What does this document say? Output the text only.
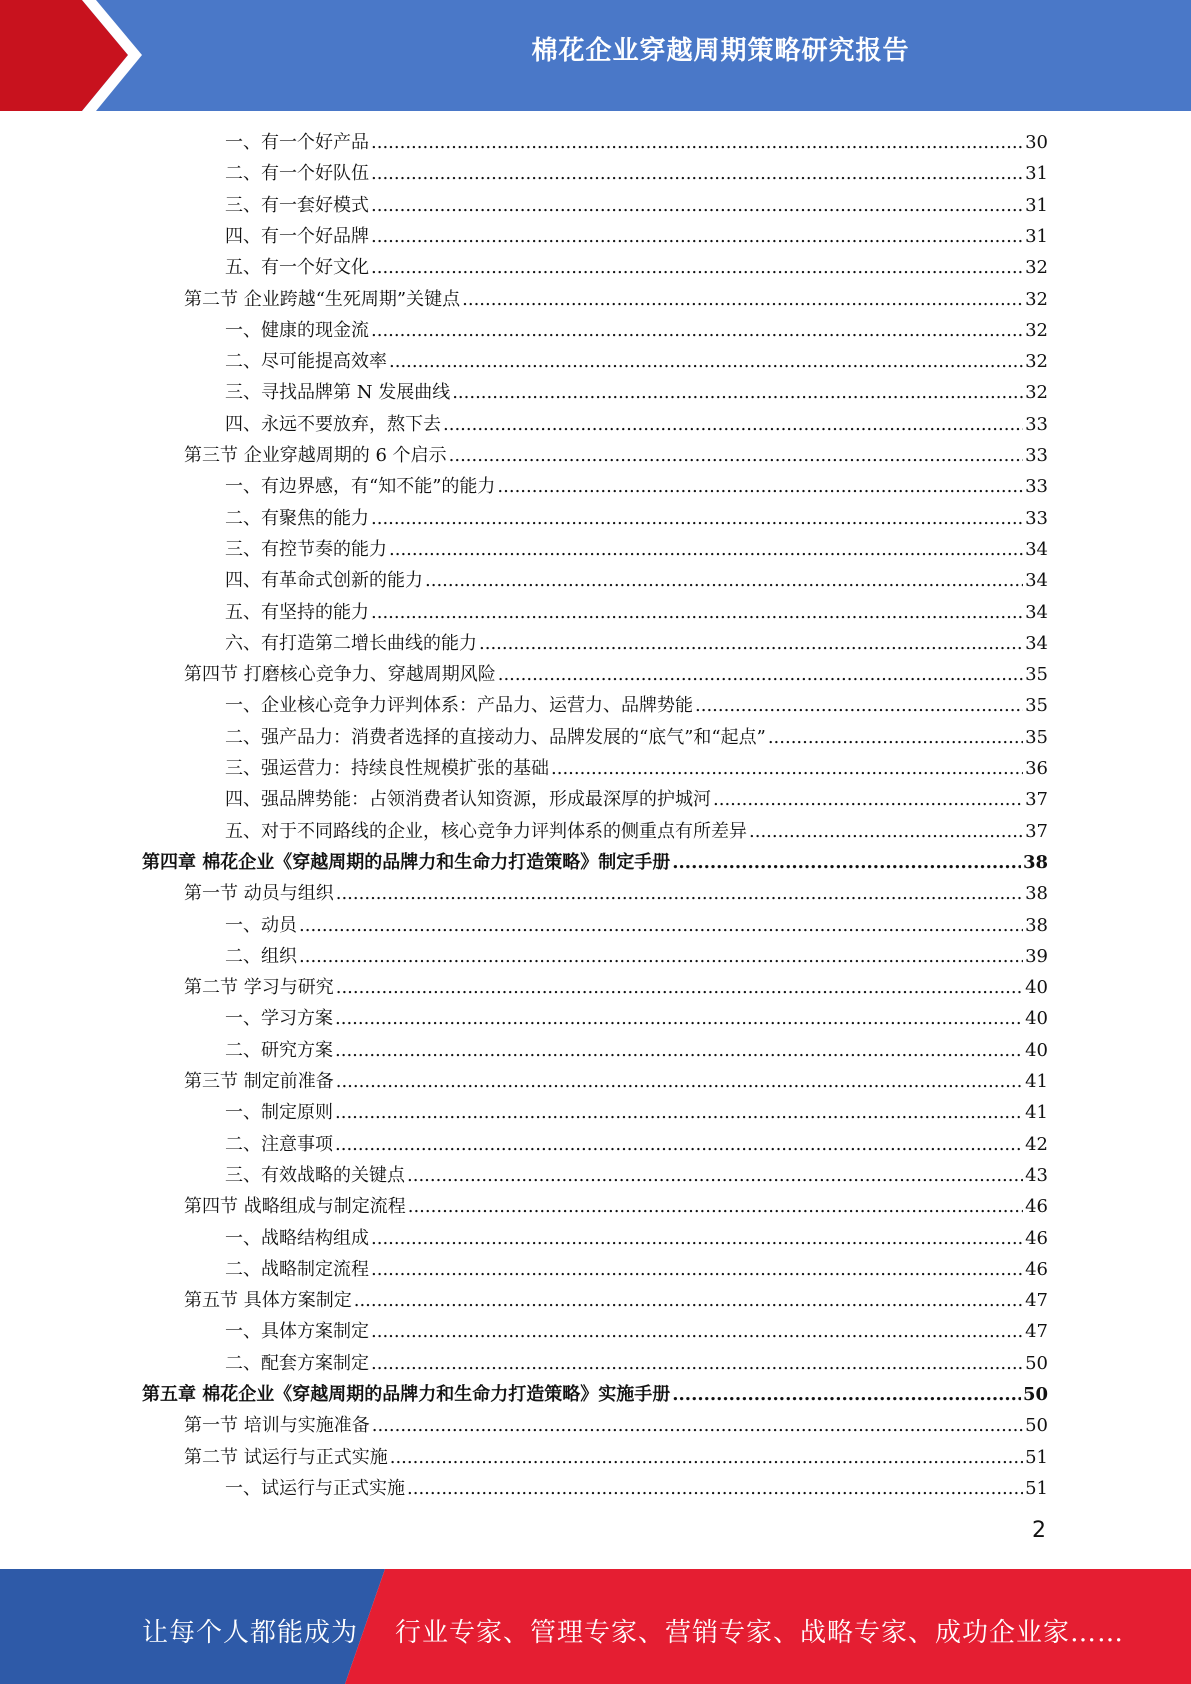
棉花企业穿越周期策略研究报告
一、有一个好产品 .....	30
二、有一个好队伍 .....	31
三、有一套好模式 .....	31
四、有一个好品牌 .....	31
五、有一个好文化 .....	32
第二节 企业跨越“生死周期”关键点 .....	32
一、健康的现金流 .....	32
二、尽可能提高效率 .....	32
三、寻找品牌第 N 发展曲线 .....	32
四、永远不要放弃，熬下去 .....	33
第三节 企业穿越周期的 6 个启示 .....	33
一、有边界感，有“知不能”的能力 .....	33
二、有聚焦的能力 .....	33
三、有控节奏的能力 .....	34
四、有革命式创新的能力 .....	34
五、有坚持的能力 .....	34
六、有打造第二增长曲线的能力 .....	34
第四节 打磨核心竞争力、穿越周期风险 .....	35
一、企业核心竞争力评判体系：产品力、运营力、品牌势能 .....	35
二、强产品力：消费者选择的直接动力、品牌发展的“底气”和“起点” .....	35
三、强运营力：持续良性规模扩张的基础 .....	36
四、强品牌势能：占领消费者认知资源，形成最深厚的护城河 .....	37
五、对于不同路线的企业，核心竞争力评判体系的侧重点有所差异 .....	37
第四章 棉花企业《穿越周期的品牌力和生命力打造策略》制定手册 .....	38
第一节 动员与组织 .....	38
一、动员 .....	38
二、组织 .....	39
第二节 学习与研究 .....	40
一、学习方案 .....	40
二、研究方案 .....	40
第三节 制定前准备 .....	41
一、制定原则 .....	41
二、注意事项 .....	42
三、有效战略的关键点 .....	43
第四节 战略组成与制定流程 .....	46
一、战略结构组成 .....	46
二、战略制定流程 .....	46
第五节 具体方案制定 .....	47
一、具体方案制定 .....	47
二、配套方案制定 .....	50
第五章 棉花企业《穿越周期的品牌力和生命力打造策略》实施手册 .....	50
第一节 培训与实施准备 .....	50
第二节 试运行与正式实施 .....	51
一、试运行与正式实施 .....	51
2
让每个人都能成为 行业专家、管理专家、营销专家、战略专家、成功企业家……
